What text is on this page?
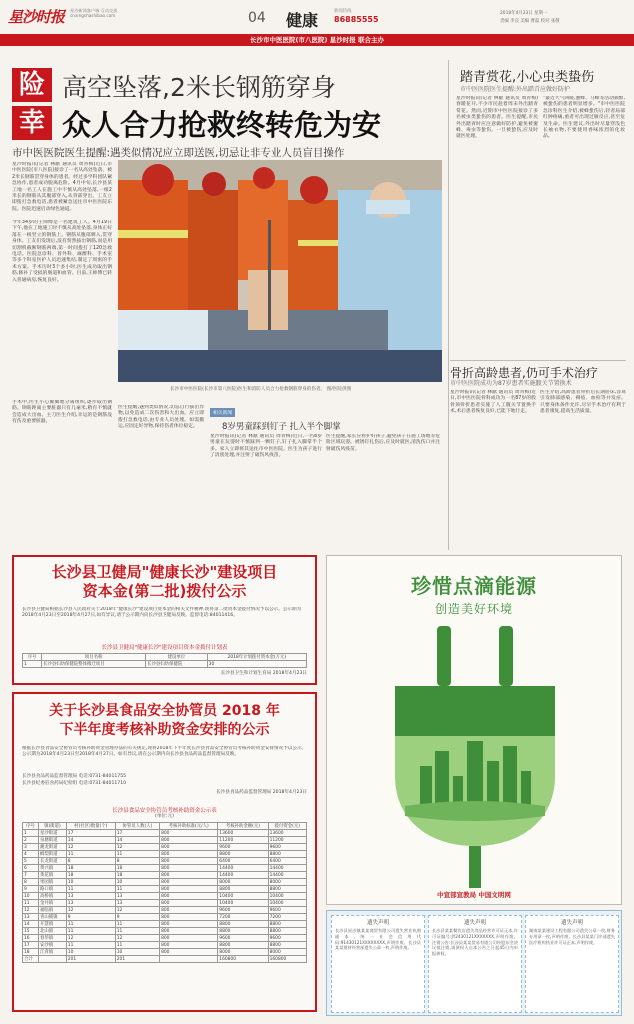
星沙时报 星沙新闻客户端 互动交流 cnxingshashibao.com	04 健康	新闻热线
86885555
2018年4月23日 星期一
责编 李良 美编 曹磊 校对 张敬
长沙市中医医院(市八医院) 星沙时报 联合主办
险
幸
高空坠落,2米长钢筋穿身
众人合力抢救终转危为安
市中医医院医生提醒:遇类似情况应立即送医,切忌让非专业人员盲目操作
星沙时报讯(记者 林献 通讯员 周青梅)近日,市中医医院(市八医院)接诊了一名从高处坠落、被2米长钢筋贯穿身体的患者。经过多学科团队紧急协作,患者成功脱离危险。4月中旬,长沙县某工地一名工人在施工中不慎从高处坠落,一根2米长的钢筋从其腹部穿入,从背部穿出。工友立即拨打急救电话,患者被紧急送往市中医医院东院。医院迅速启动绿色通道。
今年34岁的王师傅是一名建筑工人。4月19日下午,他在工地施工时不慎从高处坠落,身体正好落在一根竖立的钢筋上。钢筋从腹部刺入,贯穿身体。工友们发现后,没有贸然拔出钢筋,而是用切割机截断钢筋两端,第一时间拨打了120急救电话。医院急诊科、普外科、麻醉科、手术室等多个科室医护人员迅速集结,制定了周密的手术方案。手术历时3个多小时,医生成功取出钢筋,修补了受损的肠道和血管。目前,王师傅已转入普通病房,恢复良好。
手术中,医生小心翼翼地分离组织,逐步取出钢筋。钢筋距离主要脏器只有几毫米,稍有不慎就会造成大出血。主刀医生介绍,幸运的是钢筋没有伤及重要脏器。
医生提醒,遇到类似情况,切忌自行拔出异物,以免造成二次伤害和大出血。应立即拨打急救电话,由专业人员处理。如需搬运,应固定好异物,保持伤者体位稳定。
长沙市中医医院(长沙市第八医院)医生和消防人员合力抢救钢筋穿身的伤者。 图/医院供图
踏青赏花,小心虫类蛰伤
市中医医院医生提醒:外出踏青应做好防护
星沙时报讯(记者 林献 通讯员 周青梅)春暖花开,不少市民趁着周末外出踏青赏花。然而,近期市中医医院接诊了多名被虫类蛰伤的患者。医生提醒,市民外出踏青时应注意做好防护,避免被蜜蜂、毒虫等蛰伤。一旦被蛰伤,应及时就医处理。
"最近天气回暖,蜜蜂、马蜂等活动频繁,被蛰伤的患者明显增多。"市中医医院急诊科医生介绍,被蜂蛰伤后,轻者局部红肿疼痛,重者可出现过敏反应,甚至危及生命。医生建议,外出时尽量穿浅色长袖衣物,不要使用香味浓烈的化妆品。
骨折高龄患者,仍可手术治疗
市中医医院成功为87岁患者实施髋关节置换术
星沙时报讯(记者 林献 通讯员 周青梅)近日,市中医医院骨科成功为一名87岁的股骨颈骨折患者实施了人工髋关节置换手术,术后患者恢复良好,已能下地行走。
医生介绍,高龄患者骨折后长期卧床,容易引发肺部感染、褥疮、血栓等并发症。只要身体条件允许,尽早手术治疗有利于患者康复,提高生活质量。
相关新闻
8岁男童踩到钉子 扎入半个脚掌
星沙时报讯(记者 林献 通讯员 周青梅)近日,一名8岁男童在玩耍时不慎踩到一颗钉子,钉子扎入脚掌半个多。家人立即将其送往市中医医院。医生为孩子进行了清创处理,并注射了破伤风疫苗。
医生提醒,家长应看护好孩子,避免孩子在施工场地等危险区域玩耍。被锈钉扎伤后,应及时就医,清洗伤口并注射破伤风疫苗。
长沙县卫健局"健康长沙"建设项目
资本金(第二批)拨付公示
长沙县卫健局根据长沙县人民政府关于2018年"健康长沙"建设项目资本金的相关文件精神,现将第二批资本金拨付情况予以公示。公示期为2018年4月23日至2018年4月27日,如有异议,请于公示期内向长沙县卫健局反映。监督电话:84011416。
长沙县卫健局"健康长沙"建设项目资本金拨付计划表
序号	项目名称	建设单位	2018年计划拨付资本金(万元)
1	长沙县妇幼保健院整体搬迁项目	长沙县妇幼保健院	30
长沙县卫生和计划生育局 2018年4月23日
关于长沙县食品安全协管员 2018 年
下半年度考核补助资金安排的公示
根据长沙县食品安全协管员考核补助资金管理办法的有关规定,现将2018年下半年度长沙县食品安全协管员考核补助资金安排情况予以公示。公示期为2018年4月23日至2018年4月27日。如有异议,请在公示期内向长沙县食品药品监督管理局反映。
长沙县食品药品监督管理局 电话:0731-84011755
长沙县纪委驻食药局纪检组 电话:0731-84011710
长沙县食品药品监督管理局 2018年4月23日
长沙县食品安全协管员考核补助资金公示表
(单位:元)
序号	镇(街道)	村(社区)数量(个)	协管员人数(人)	考核补助标准(元/人)	考核补助金额(元)	拨付资金(元)
1	星沙街道	17	17	800	13600	13600
2	泉塘街道	14	14	800	11200	11200
3	湘龙街道	12	12	800	9600	9600
4	榔梨街道	11	11	800	8800	8800
5	长龙街道	8	8	800	6400	6400
6	黄兴镇	18	18	800	14400	14400
7	黄花镇	18	18	800	14400	14400
8	果园镇	10	10	800	8000	8000
9	路口镇	11	11	800	8800	8800
10	高桥镇	13	13	800	10400	10400
11	金井镇	13	13	800	10400	10400
12	福临镇	12	12	800	9600	9600
13	青山铺镇	9	9	800	7200	7200
14	开慧镇	11	11	800	8800	8800
15	北山镇	11	11	800	8800	8800
16	春华镇	12	12	800	9600	9600
17	安沙镇	11	11	800	8800	8800
18	江背镇	10	10	800	8000	8000
合计		201	201		160800	160800
珍惜点滴能源
创造美好环境
中宣部宣教局 中国文明网
遗失声明
长沙县星沙镇某某商贸有限公司遗失营业执照副本,统一社会信用代码:91430121XXXXXXXX,声明作废。长沙县某某建材经营部遗失公章一枚,声明作废。
遗失声明
长沙县某某餐饮店遗失食品经营许可证正本,许可证编号:JY2430121XXXXXXX,声明作废。注销公告:长沙县某某贸易有限公司经股东会决议拟注销,请债权人自本公告之日起45日内申报债权。
遗失声明
湖南某某建设工程有限公司遗失公章一枚,财务专用章一枚,声明作废。长沙县某某门诊部遗失医疗机构执业许可证正本,声明作废。
